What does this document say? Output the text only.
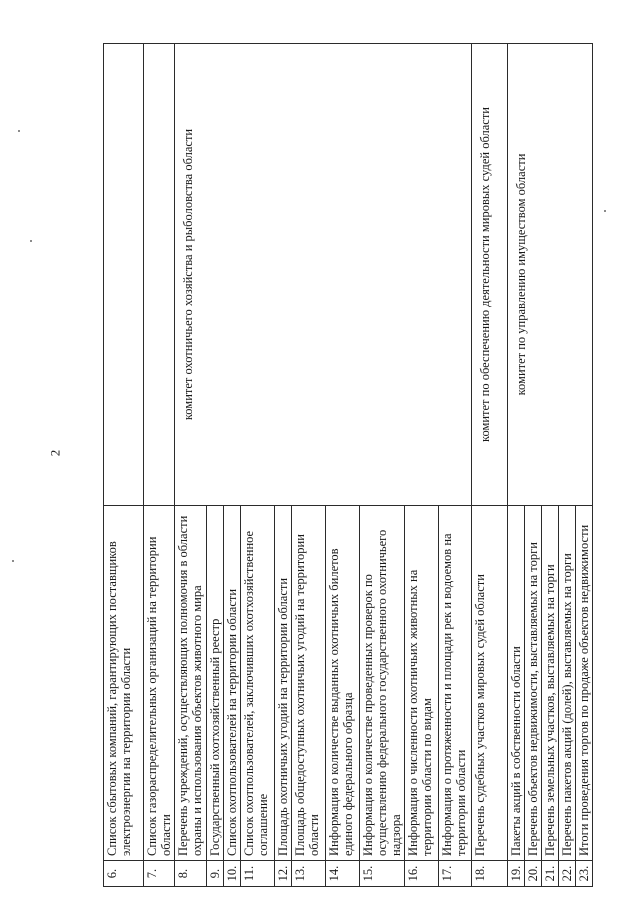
2
6.	Список сбытовых компаний, гарантирующих поставщиков электроэнергии на территории области	
7.	Список газораспределительных организаций на территории области	
8.	Перечень учреждений, осуществляющих полномочия в области охраны и использования объектов животного мира	комитет охотничьего хозяйства и рыболовства области
9.	Государственный охотхозяйственный реестр	
10.	Список охотпользователей на территории области	
11.	Список охотпользователей, заключивших охотхозяйственное соглашение	
12.	Площадь охотничьих угодий на территории области	
13.	Площадь общедоступных охотничьих угодий на территории области	
14.	Информация о количестве выданных охотничьих билетов единого федерального образца	
15.	Информация о количестве проведенных проверок по осуществлению федерального государственного охотничьего надзора	
16.	Информация о численности охотничьих животных на территории области по видам	
17.	Информация о протяженности и площади рек и водоемов на территории области	
18.	Перечень судебных участков мировых судей области	комитет по обеспечению деятельности мировых судей области
19.	Пакеты акций в собственности области	комитет по управлению имуществом области
20.	Перечень объектов недвижимости, выставляемых на торги	
21.	Перечень земельных участков, выставляемых на торги	
22.	Перечень пакетов акций (долей), выставляемых на торги	
23.	Итоги проведения торгов по продаже объектов недвижимости	
